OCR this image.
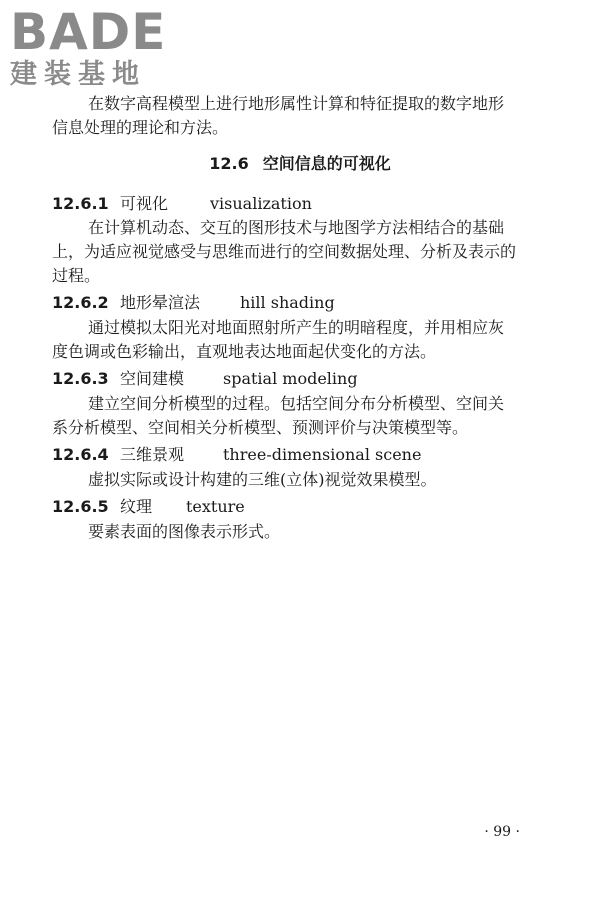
BADE
建装基地
在数字高程模型上进行地形属性计算和特征提取的数字地形
信息处理的理论和方法。
12.6 空间信息的可视化
12.6.1 可视化	visualization
在计算机动态、交互的图形技术与地图学方法相结合的基础
上，为适应视觉感受与思维而进行的空间数据处理、分析及表示的
过程。
12.6.2 地形晕渲法 hill shading
通过模拟太阳光对地面照射所产生的明暗程度，并用相应灰
度色调或色彩输出，直观地表达地面起伏变化的方法。
12.6.3 空间建模 spatial modeling
建立空间分析模型的过程。包括空间分布分析模型、空间关
系分析模型、空间相关分析模型、预测评价与决策模型等。
12.6.4 三维景观 three-dimensional scene
虚拟实际或设计构建的三维(立体)视觉效果模型。
12.6.5 纹理 texture
要素表面的图像表示形式。
· 99 ·
